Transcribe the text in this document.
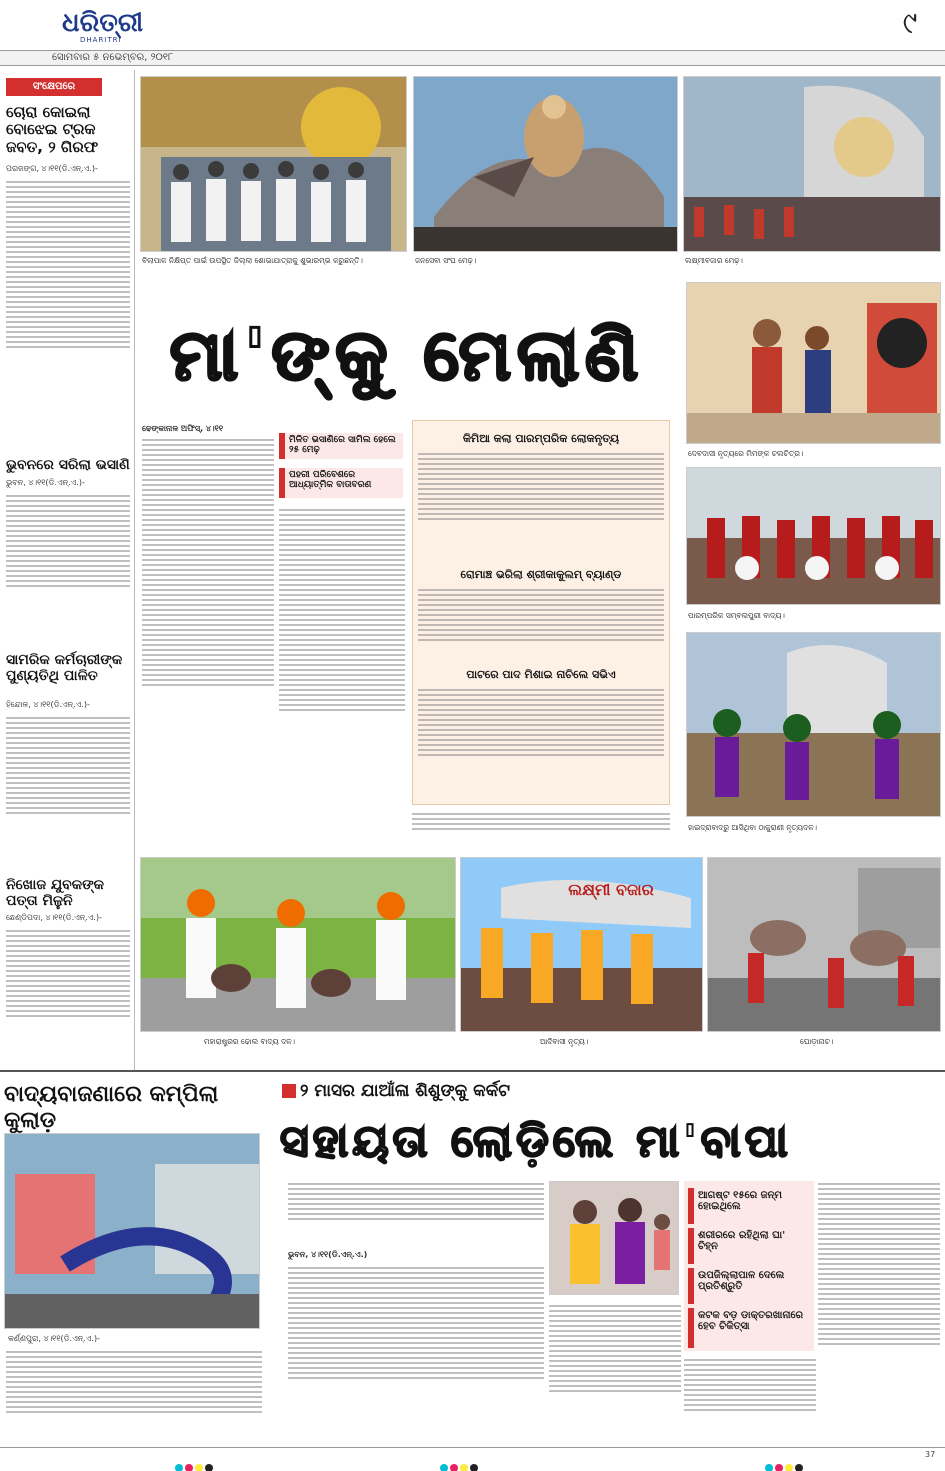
ଧରିତ୍ରୀ
DHARITRI	୯
ସୋମବାର ୫ ନଭେମ୍ବର, ୨୦୧୮
ସଂକ୍ଷେପରେ
ଚୋରା କୋଇଲା ବୋଝେଇ ଟ୍ରକ ଜବତ, ୨ ଗିରଫ
ପରଜଙ୍ଗ, ୪।୧୧(ଡି.ଏନ୍.ଏ.)-
ଭୁବନରେ ସରିଲା ଭସାଣି
ଭୁବନ, ୪।୧୧(ଡି.ଏନ୍.ଏ.)-
ସାମରିକ କର୍ମଚାରୀଙ୍କ ପୁଣ୍ୟତିଥି ପାଳିତ
ହିନ୍ଦୋଳ, ୪।୧୧(ଡି.ଏନ୍.ଏ.)-
ନିଖୋଜ ଯୁବକଙ୍କ ପତ୍ତା ମିଳୁନି
ଛେଣ୍ଡିପଦା, ୪।୧୧(ଡି.ଏନ୍.ଏ.)-
ବିଲାପାଳ ନିକ୍ଷିପ୍ତ ପାଇଁ ଉପସ୍ଥିତ ଜିଲ୍ଲା ଶୋଭାଯାତ୍ରାକୁ ଶୁଭାରମ୍ଭ କରୁଛନ୍ତି।	ଜନସେବା ସଂଘ ମେଢ଼।	ଲକ୍ଷ୍ମୀବଜାର ମେଢ଼।
ମା'ଙ୍କୁ ମେଲାଣି
ଦେବଦାସୀ ନୃତ୍ୟରେ ମିମଙ୍କ ଚଲଚିତ୍ର।
ପାରମ୍ପରିକ ସମ୍ବଲପୁରୀ ବାଦ୍ୟ।
ହାଇଦ୍ରାବାଦରୁ ଆସିଥିବା ଠାକୁରାଣୀ ନୃତ୍ୟଦଳ।
ଢେଙ୍କାନାଳ ଅଫିସ୍, ୪।୧୧
ମିଳିତ ଭସାଣିରେ ସାମିଲ ହେଲେ ୨୫ ମେଢ଼
ପହରୀ ପରିବେଶରେ ଆଧ୍ୟାତ୍ମିକ ବାତାବରଣ
କିମିଆ କଲା ପାରମ୍ପରିକ ଲୋକନୃତ୍ୟ
ରୋମାଞ୍ଚ ଭରିଲା ଶ୍ରୀକାକୁଲମ୍ ବ୍ୟାଣ୍ଡ
ପାଟରେ ପାଦ ମିଶାଇ ନାଚିଲେ ସଭିଏ
ମହାରାଷ୍ଟ୍ରର ଢୋଲ ବାଦ୍ୟ ଦଳ।
ଲକ୍ଷ୍ମୀ ବଜାର
ଆଦିବାସୀ ନୃତ୍ୟ।	ଘୋଡ଼ାନାଚ।
ବାଦ୍ୟବାଜଣାରେ କମ୍ପିଲା କୁଲାଡ଼
କର୍ଣ୍ଣପୁରା, ୪।୧୧(ଡି.ଏନ୍.ଏ.)-
୨ ମାସର ଯାଆଁଳା ଶିଶୁଙ୍କୁ କର୍କଟ
ସହାୟତା ଲୋଡ଼ିଲେ ମା'ବାପା
ଭୁବନ, ୪।୧୧(ଡି.ଏନ୍.ଏ.)
ଆଗଷ୍ଟ ୧୫ରେ ଜନ୍ମ ହୋଇଥିଲେ
ଶରୀରରେ ରହିଥିଲା ଘା' ଚିହ୍ନ
ଉପଜିଲ୍ଲାପାଳ ଦେଲେ ପ୍ରତିଶ୍ରୁତି
କଟକ ବଡ଼ ଡାକ୍ତରଖାନାରେ ହେବ ଚିକିତ୍ସା
37
